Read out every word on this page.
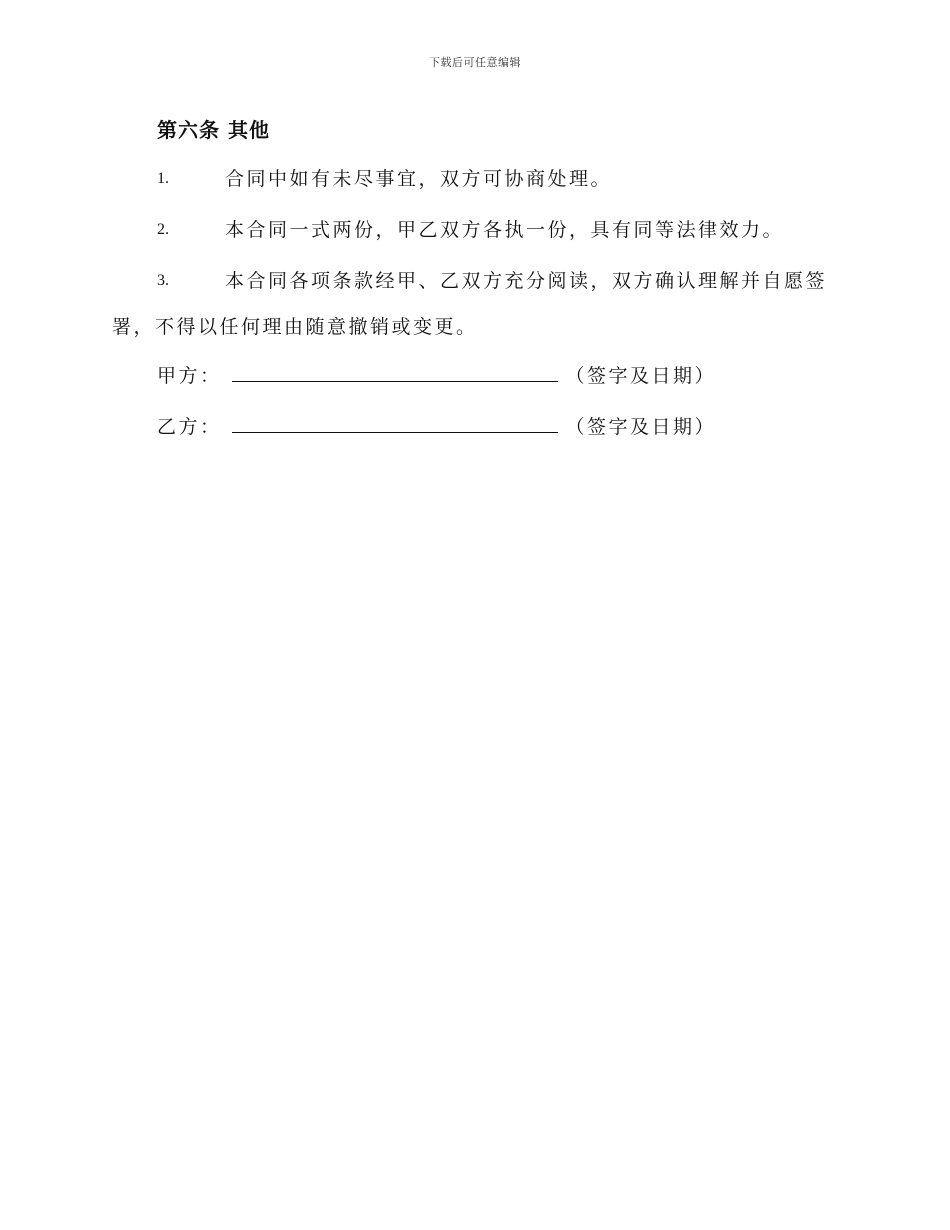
下载后可任意编辑
第六条 其他
1.	合同中如有未尽事宜，双方可协商处理。
2.	本合同一式两份，甲乙双方各执一份，具有同等法律效力。
3.	本合同各项条款经甲、乙双方充分阅读，双方确认理解并自愿签署，不得以任何理由随意撤销或变更。
甲方：	（签字及日期）
乙方：	（签字及日期）
